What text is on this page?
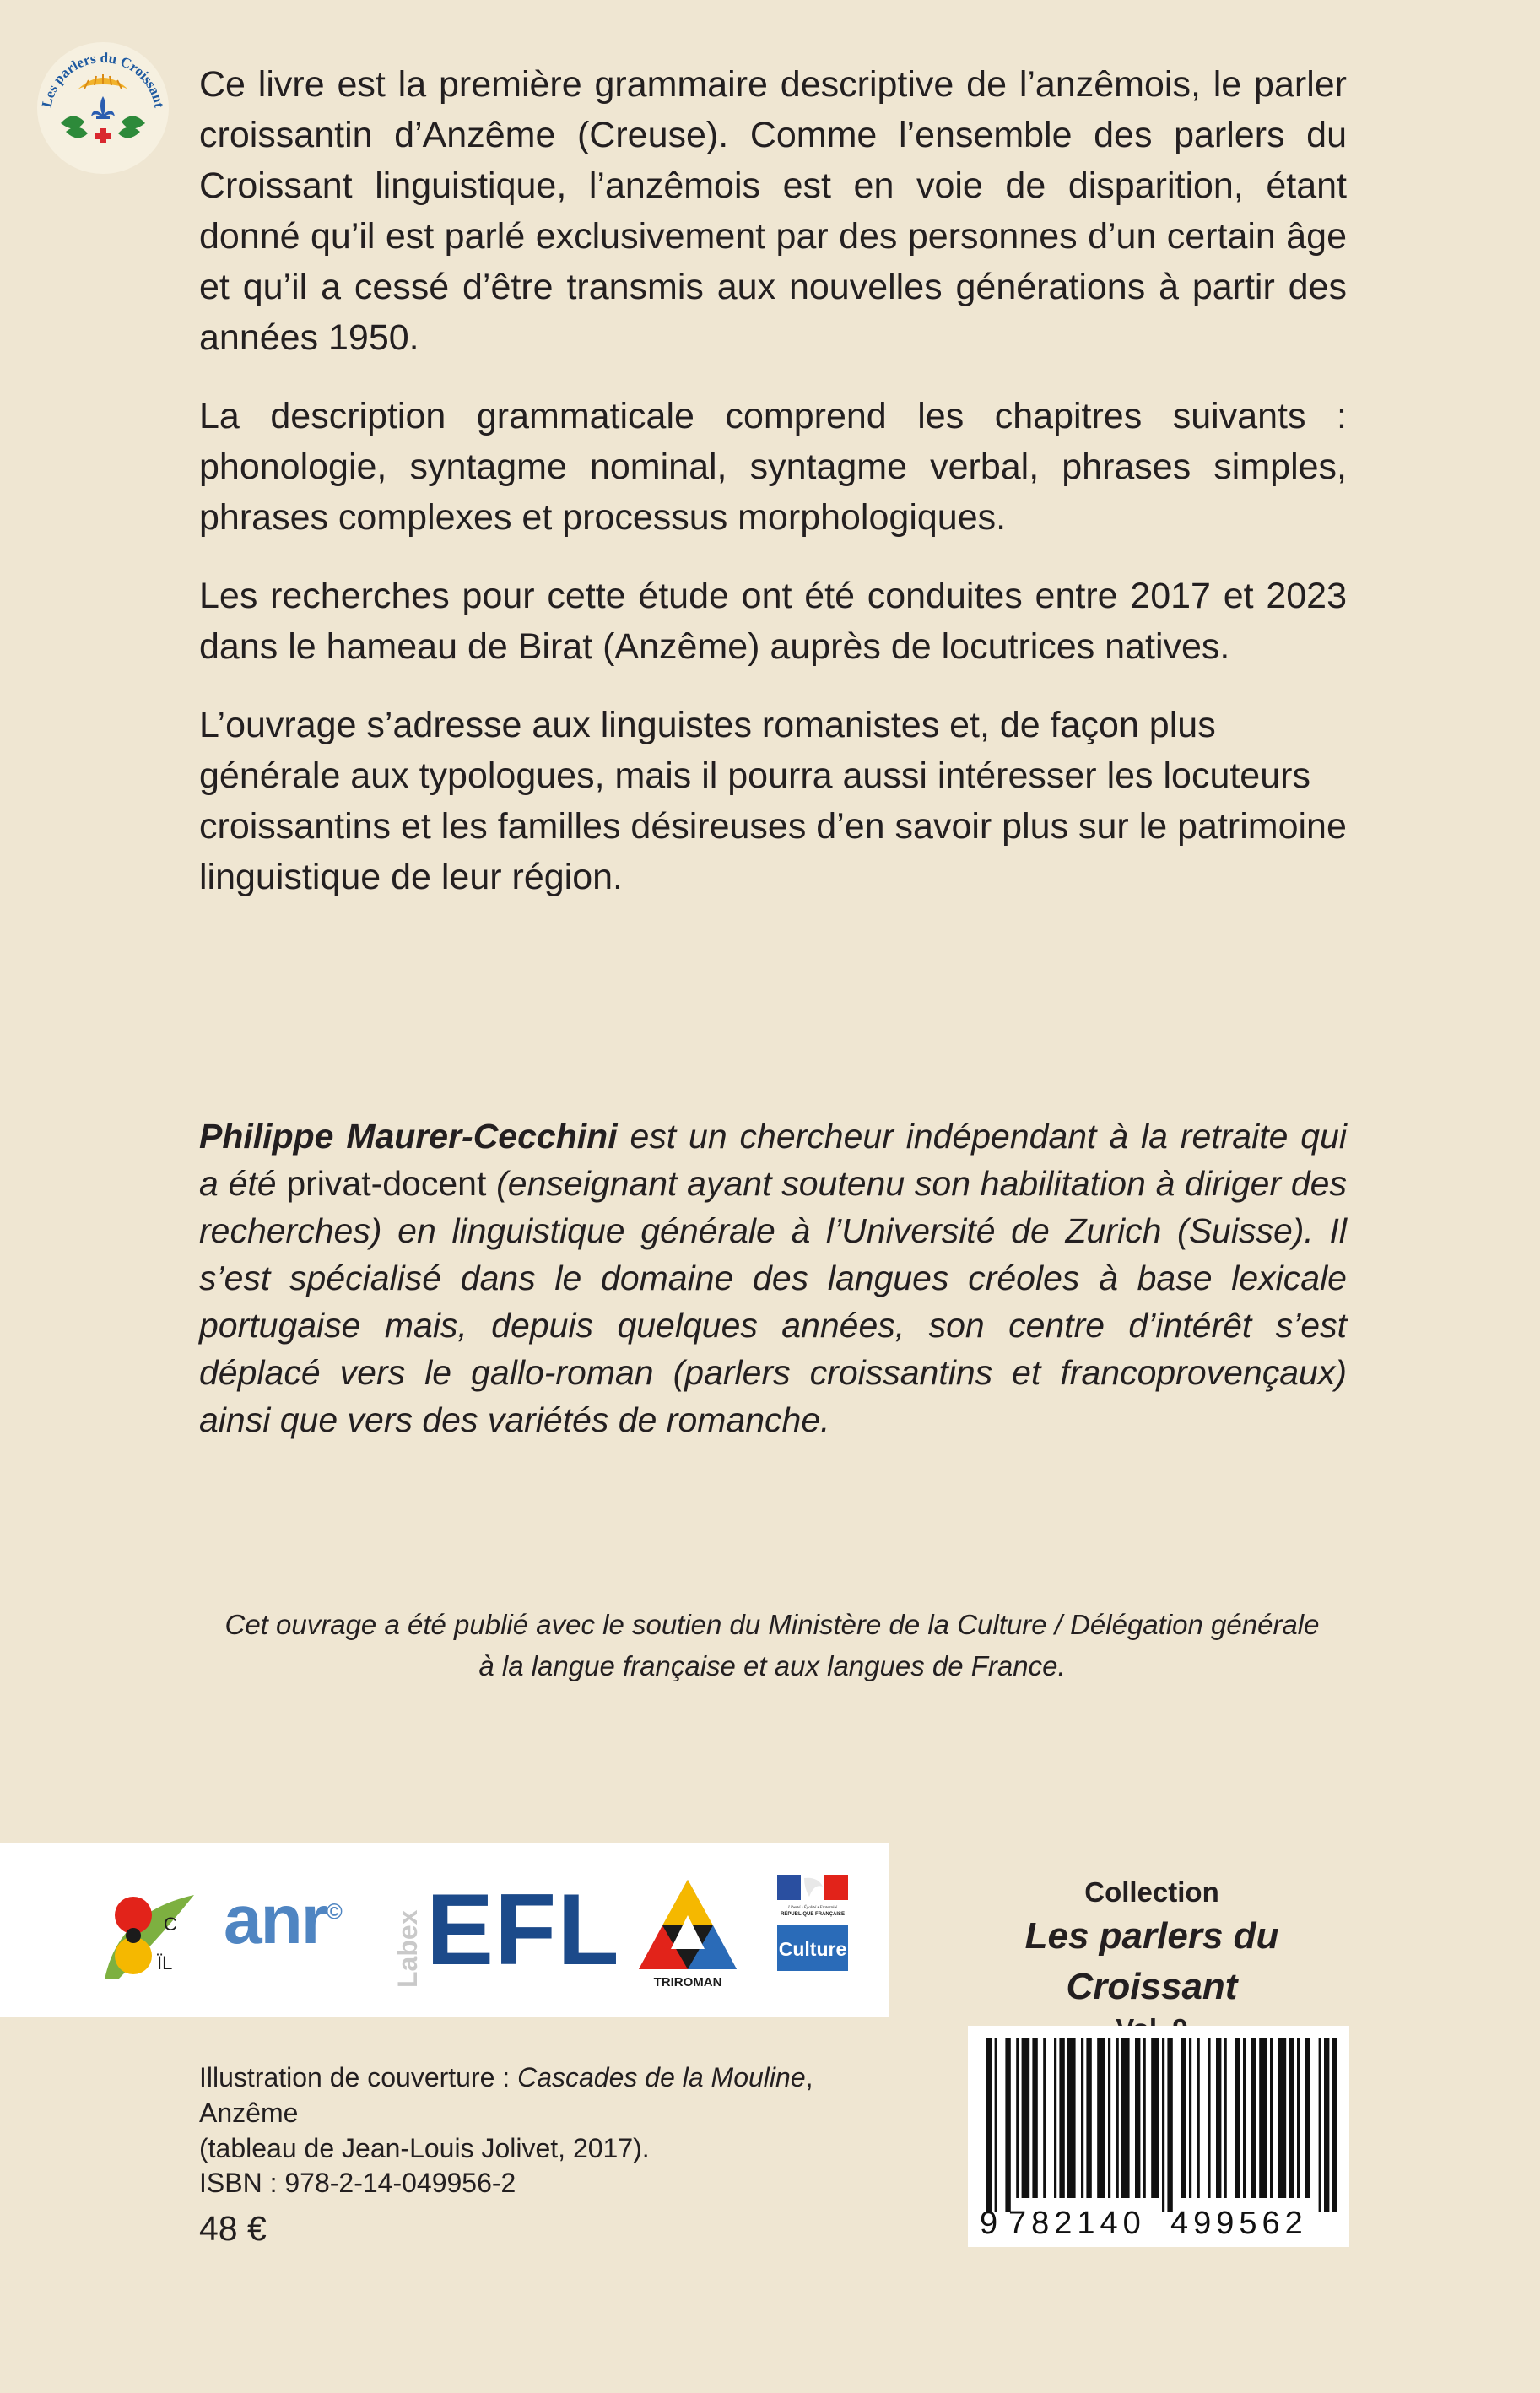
Les parlers du Croissant

Ce livre est la première grammaire descriptive de l’anzêmois, le parler croissantin d’Anzême (Creuse). Comme l’ensemble des parlers du Croissant linguistique, l’anzêmois est en voie de disparition, étant donné qu’il est parlé exclusivement par des personnes d’un certain âge et qu’il a cessé d’être transmis aux nouvelles générations à partir des années 1950.

La description grammaticale comprend les chapitres suivants : phonologie, syntagme nominal, syntagme verbal, phrases simples, phrases complexes et processus morphologiques.

Les recherches pour cette étude ont été conduites entre 2017 et 2023 dans le hameau de Birat (Anzême) auprès de locutrices natives.

L’ouvrage s’adresse aux linguistes romanistes et, de façon plus générale aux typologues, mais il pourra aussi intéresser les locuteurs croissantins et les familles désireuses d’en savoir plus sur le patrimoine linguistique de leur région.

Philippe Maurer-Cecchini est un chercheur indépendant à la retraite qui a été privat-docent (enseignant ayant soutenu son habilitation à diriger des recherches) en linguistique générale à l’Université de Zurich (Suisse). Il s’est spécialisé dans le domaine des langues créoles à base lexicale portugaise mais, depuis quelques années, son centre d’intérêt s’est déplacé vers le gallo-roman (parlers croissantins et francoprovençaux) ainsi que vers des variétés de romanche.
Cet ouvrage a été publié avec le soutien du Ministère de la Culture / Délégation générale
à la langue française et aux langues de France.
C
ÏL
anr© Labex EFL	TRIROMAN
Liberté • Égalité • Fraternité
RÉPUBLIQUE FRANÇAISE
Culture
Collection
Les parlers du Croissant
Illustration de couverture : Cascades de la Mouline, Anzême
(tableau de Jean-Louis Jolivet, 2017).
ISBN : 978-2-14-049956-2
48 €	9 782140 499562
